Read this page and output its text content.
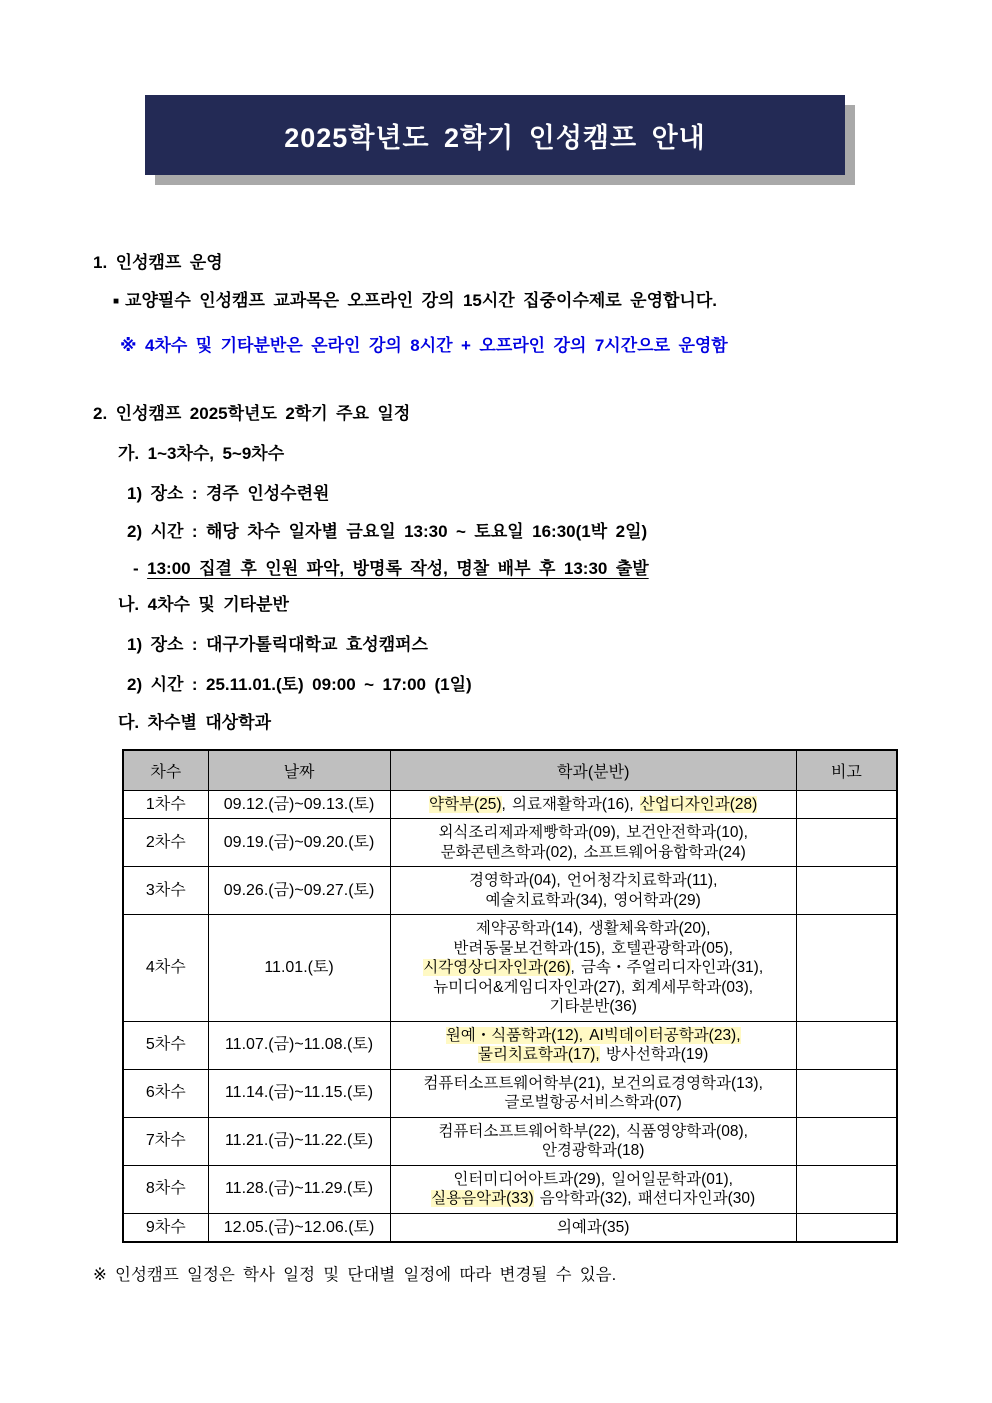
2025학년도 2학기 인성캠프 안내

1. 인성캠프 운영

■ 교양필수 인성캠프 교과목은 오프라인 강의 15시간 집중이수제로 운영합니다.

※ 4차수 및 기타분반은 온라인 강의 8시간 + 오프라인 강의 7시간으로 운영함

2. 인성캠프 2025학년도 2학기 주요 일정

가. 1~3차수, 5~9차수

1) 장소 : 경주 인성수련원

2) 시간 : 해당 차수 일자별 금요일 13:30 ~ 토요일 16:30(1박 2일)

- 13:00 집결 후 인원 파악, 방명록 작성, 명찰 배부 후 13:30 출발

나. 4차수 및 기타분반

1) 장소 : 대구가톨릭대학교 효성캠퍼스

2) 시간 : 25.11.01.(토) 09:00 ~ 17:00 (1일)

다. 차수별 대상학과

차수	날짜	학과(분반)	비고
1차수	09.12.(금)~09.13.(토)	약학부(25), 의료재활학과(16), 산업디자인과(28)	

2차수	09.19.(금)~09.20.(토)	외식조리제과제빵학과(09), 보건안전학과(10),
문화콘텐츠학과(02), 소프트웨어융합학과(24)	

3차수	09.26.(금)~09.27.(토)	경영학과(04), 언어청각치료학과(11),
예술치료학과(34), 영어학과(29)	

4차수	11.01.(토)	제약공학과(14), 생활체육학과(20),
반려동물보건학과(15), 호텔관광학과(05),
시각영상디자인과(26), 금속・주얼리디자인과(31),
뉴미디어&게임디자인과(27), 회계세무학과(03),
기타분반(36)	

5차수	11.07.(금)~11.08.(토)	원예・식품학과(12), AI빅데이터공학과(23),
물리치료학과(17), 방사선학과(19)	

6차수	11.14.(금)~11.15.(토)	컴퓨터소프트웨어학부(21), 보건의료경영학과(13),
글로벌항공서비스학과(07)	

7차수	11.21.(금)~11.22.(토)	컴퓨터소프트웨어학부(22), 식품영양학과(08),
안경광학과(18)	

8차수	11.28.(금)~11.29.(토)	인터미디어아트과(29), 일어일문학과(01),
실용음악과(33) 음악학과(32), 패션디자인과(30)	

9차수	12.05.(금)~12.06.(토)	의예과(35)	

※ 인성캠프 일정은 학사 일정 및 단대별 일정에 따라 변경될 수 있음.
